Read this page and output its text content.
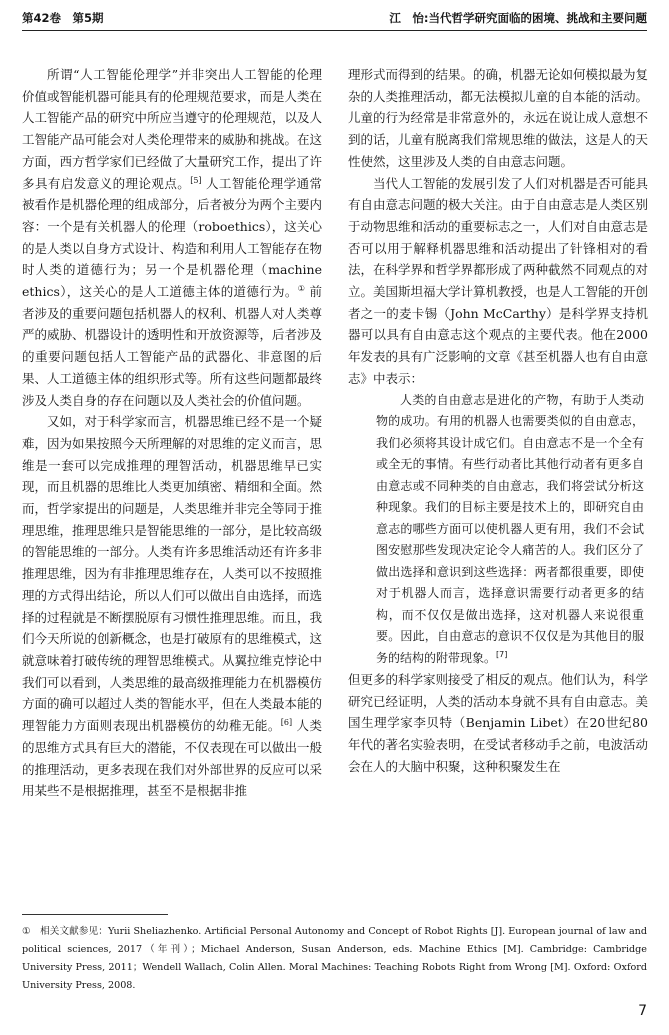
第42卷　第5期	江　怡:当代哲学研究面临的困境、挑战和主要问题

所谓“人工智能伦理学”并非突出人工智能的伦理价值或智能机器可能具有的伦理规范要求，而是人类在人工智能产品的研究中所应当遵守的伦理规范，以及人工智能产品可能会对人类伦理带来的威胁和挑战。在这方面，西方哲学家们已经做了大量研究工作，提出了许多具有启发意义的理论观点。[5] 人工智能伦理学通常被看作是机器伦理的组成部分，后者被分为两个主要内容：一个是有关机器人的伦理（roboethics），这关心的是人类以自身方式设计、构造和利用人工智能存在物时人类的道德行为；另一个是机器伦理（machine ethics），这关心的是人工道德主体的道德行为。① 前者涉及的重要问题包括机器人的权利、机器人对人类尊严的威胁、机器设计的透明性和开放资源等，后者涉及的重要问题包括人工智能产品的武器化、非意图的后果、人工道德主体的组织形式等。所有这些问题都最终涉及人类自身的存在问题以及人类社会的价值问题。

又如，对于科学家而言，机器思维已经不是一个疑难，因为如果按照今天所理解的对思维的定义而言，思维是一套可以完成推理的理智活动，机器思维早已实现，而且机器的思维比人类更加缜密、精细和全面。然而，哲学家提出的问题是，人类思维并非完全等同于推理思维，推理思维只是智能思维的一部分，是比较高级的智能思维的一部分。人类有许多思维活动还有许多非推理思维，因为有非推理思维存在，人类可以不按照推理的方式得出结论，所以人们可以做出自由选择，而选择的过程就是不断摆脱原有习惯性推理思维。而且，我们今天所说的创新概念，也是打破原有的思维模式，这就意味着打破传统的理智思维模式。从翼拉维克悖论中我们可以看到，人类思维的最高级推理能力在机器模仿方面的确可以超过人类的智能水平，但在人类最本能的理智能力方面则表现出机器模仿的幼稚无能。[6] 人类的思维方式具有巨大的潜能，不仅表现在可以做出一般的推理活动，更多表现在我们对外部世界的反应可以采用某些不是根据推理，甚至不是根据非推

理形式而得到的结果。的确，机器无论如何模拟最为复杂的人类推理活动，都无法模拟儿童的自本能的活动。儿童的行为经常是非常意外的，永远在说让成人意想不到的话，儿童有脱离我们常规思维的做法，这是人的天性使然，这里涉及人类的自由意志问题。

当代人工智能的发展引发了人们对机器是否可能具有自由意志问题的极大关注。由于自由意志是人类区别于动物思维和活动的重要标志之一，人们对自由意志是否可以用于解释机器思维和活动提出了针锋相对的看法，在科学界和哲学界都形成了两种截然不同观点的对立。美国斯坦福大学计算机教授，也是人工智能的开创者之一的麦卡锡（John McCarthy）是科学界支持机器可以具有自由意志这个观点的主要代表。他在2000年发表的具有广泛影响的文章《甚至机器人也有自由意志》中表示：

人类的自由意志是进化的产物，有助于人类动物的成功。有用的机器人也需要类似的自由意志，我们必须将其设计成它们。自由意志不是一个全有或全无的事情。有些行动者比其他行动者有更多自由意志或不同种类的自由意志，我们将尝试分析这种现象。我们的目标主要是技术上的，即研究自由意志的哪些方面可以使机器人更有用，我们不会试图安慰那些发现决定论令人痛苦的人。我们区分了做出选择和意识到这些选择：两者都很重要，即使对于机器人而言，选择意识需要行动者更多的结构，而不仅仅是做出选择，这对机器人来说很重要。因此，自由意志的意识不仅仅是为其他目的服务的结构的附带现象。[7]

但更多的科学家则接受了相反的观点。他们认为，科学研究已经证明，人类的活动本身就不具有自由意志。美国生理学家李贝特（Benjamin Libet）在20世纪80年代的著名实验表明，在受试者移动手之前，电波活动会在人的大脑中积聚，这种积聚发生在

① 相关文献参见：Yurii Sheliazhenko. Artificial Personal Autonomy and Concept of Robot Rights [J]. European journal of law and political sciences, 2017（年刊）；Michael Anderson, Susan Anderson, eds. Machine Ethics [M]. Cambridge: Cambridge University Press, 2011；Wendell Wallach, Colin Allen. Moral Machines: Teaching Robots Right from Wrong [M]. Oxford: Oxford University Press, 2008.
7
